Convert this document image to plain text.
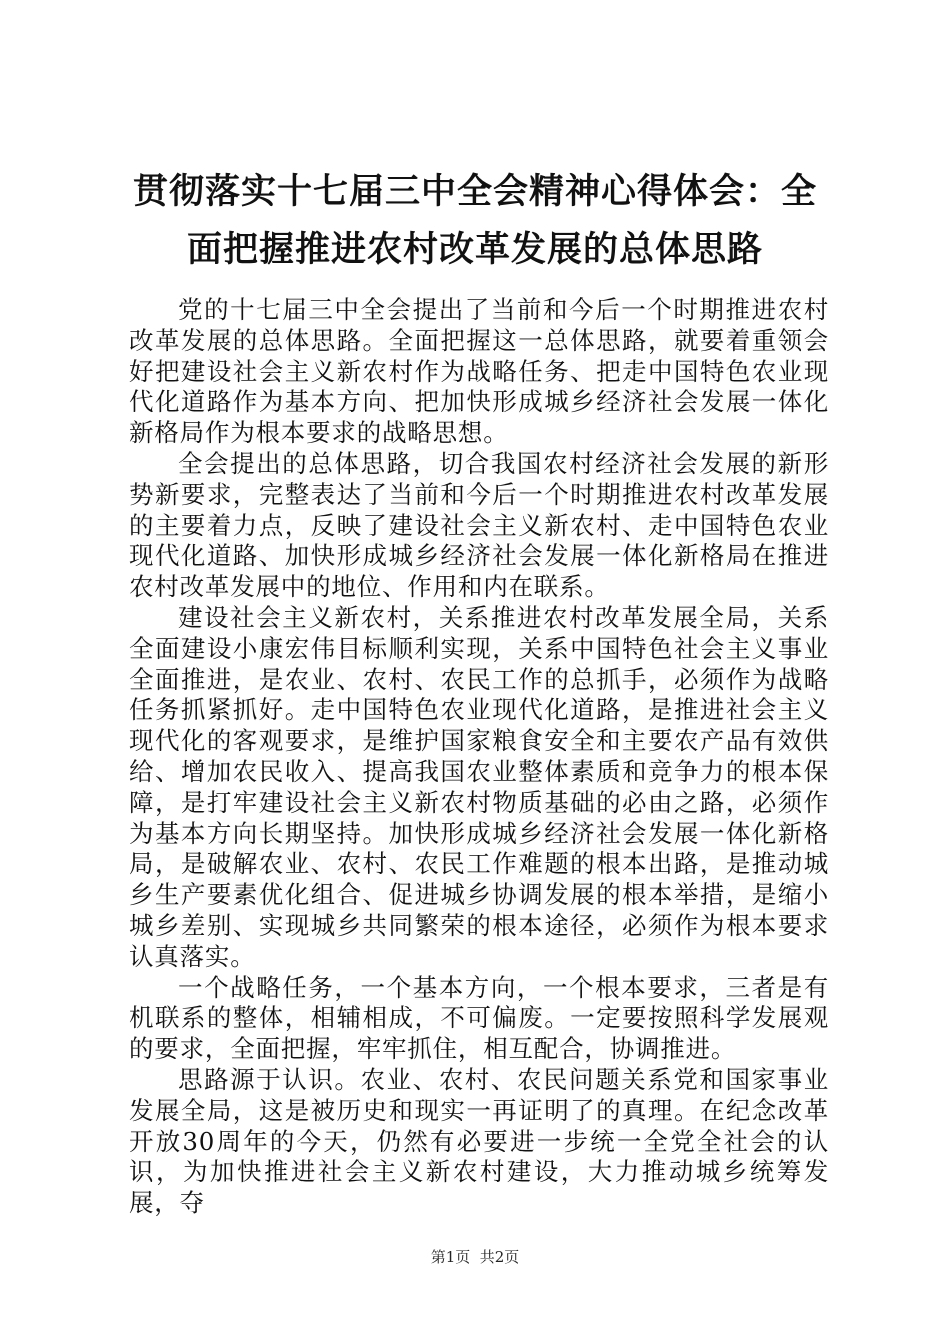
贯彻落实十七届三中全会精神心得体会：全面把握推进农村改革发展的总体思路

党的十七届三中全会提出了当前和今后一个时期推进农村改革发展的总体思路。全面把握这一总体思路，就要着重领会好把建设社会主义新农村作为战略任务、把走中国特色农业现代化道路作为基本方向、把加快形成城乡经济社会发展一体化新格局作为根本要求的战略思想。

全会提出的总体思路，切合我国农村经济社会发展的新形势新要求，完整表达了当前和今后一个时期推进农村改革发展的主要着力点，反映了建设社会主义新农村、走中国特色农业现代化道路、加快形成城乡经济社会发展一体化新格局在推进农村改革发展中的地位、作用和内在联系。

建设社会主义新农村，关系推进农村改革发展全局，关系全面建设小康宏伟目标顺利实现，关系中国特色社会主义事业全面推进，是农业、农村、农民工作的总抓手，必须作为战略任务抓紧抓好。走中国特色农业现代化道路，是推进社会主义现代化的客观要求，是维护国家粮食安全和主要农产品有效供给、增加农民收入、提高我国农业整体素质和竞争力的根本保障，是打牢建设社会主义新农村物质基础的必由之路，必须作为基本方向长期坚持。加快形成城乡经济社会发展一体化新格局，是破解农业、农村、农民工作难题的根本出路，是推动城乡生产要素优化组合、促进城乡协调发展的根本举措，是缩小城乡差别、实现城乡共同繁荣的根本途径，必须作为根本要求认真落实。

一个战略任务，一个基本方向，一个根本要求，三者是有机联系的整体，相辅相成，不可偏废。一定要按照科学发展观的要求，全面把握，牢牢抓住，相互配合，协调推进。

思路源于认识。农业、农村、农民问题关系党和国家事业发展全局，这是被历史和现实一再证明了的真理。在纪念改革开放30周年的今天，仍然有必要进一步统一全党全社会的认识，为加快推进社会主义新农村建设，大力推动城乡统筹发展，夺

第1页  共2页
